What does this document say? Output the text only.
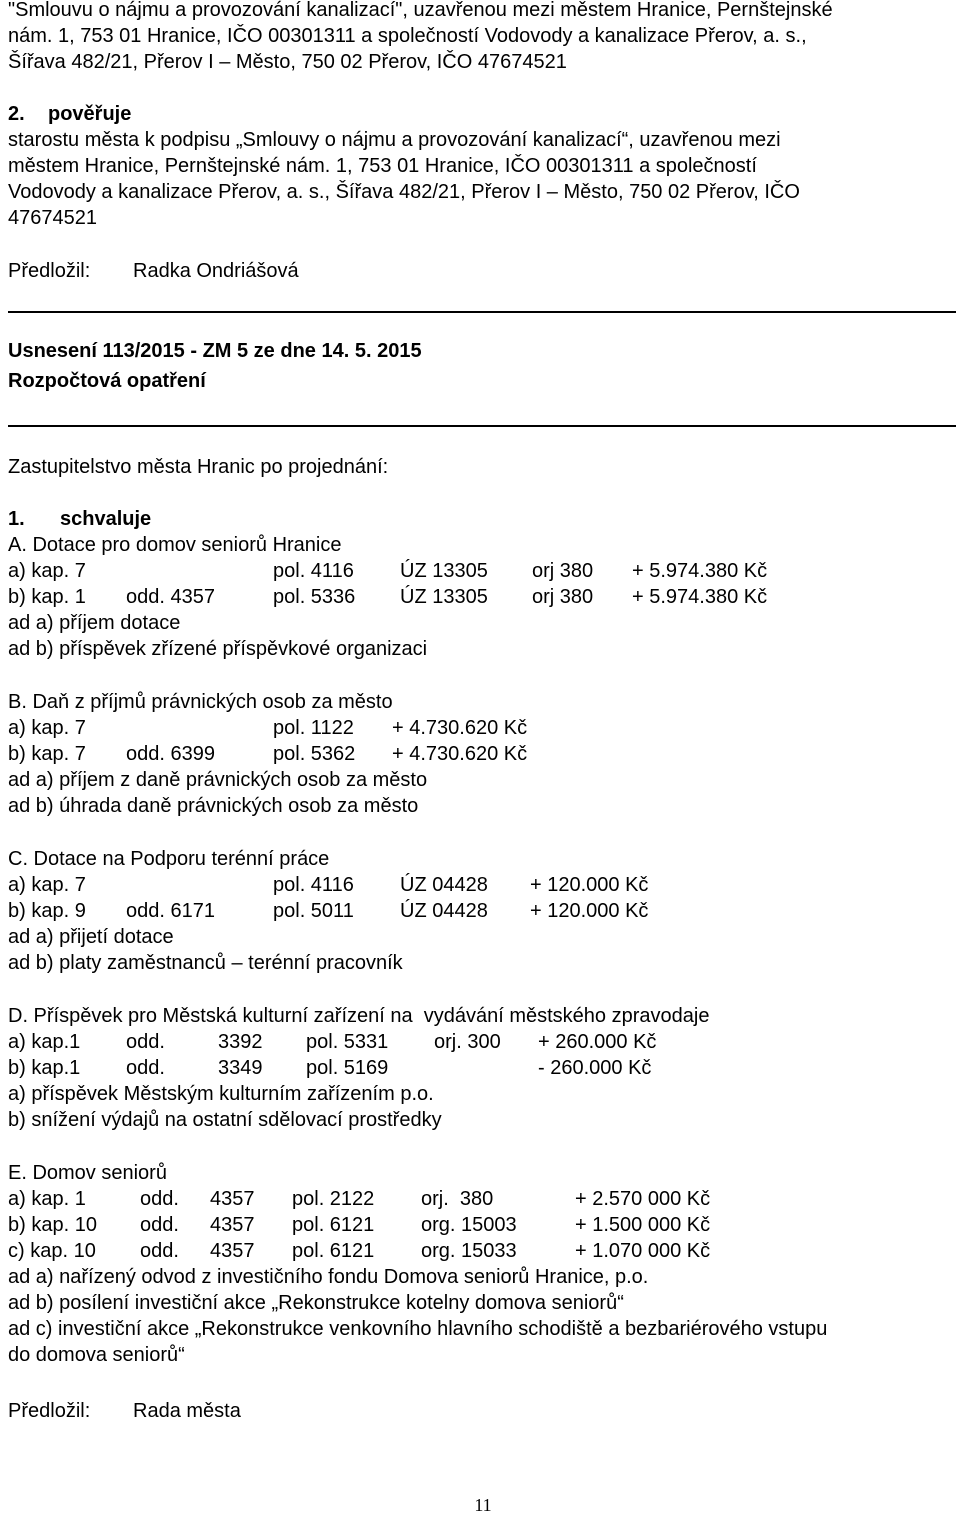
"Smlouvu o nájmu a provozování kanalizací", uzavřenou mezi městem Hranice, Pernštejnské
nám. 1, 753 01 Hranice, IČO 00301311 a společností Vodovody a kanalizace Přerov, a. s.,
Šířava 482/21, Přerov I – Město, 750 02 Přerov, IČO 47674521
2. pověřuje
starostu města k podpisu „Smlouvy o nájmu a provozování kanalizací“, uzavřenou mezi
městem Hranice, Pernštejnské nám. 1, 753 01 Hranice, IČO 00301311 a společností
Vodovody a kanalizace Přerov, a. s., Šířava 482/21, Přerov I – Město, 750 02 Přerov, IČO
47674521
Předložil: Radka Ondriášová
Usnesení 113/2015 - ZM 5 ze dne 14. 5. 2015
Rozpočtová opatření
Zastupitelstvo města Hranic po projednání:
1. schvaluje
A. Dotace pro domov seniorů Hranice
a) kap. 7	pol. 4116 ÚZ 13305 orj 380 + 5.974.380 Kč
b) kap. 1 odd. 4357	pol. 5336 ÚZ 13305 orj 380 + 5.974.380 Kč
ad a) příjem dotace
ad b) příspěvek zřízené příspěvkové organizaci
B. Daň z příjmů právnických osob za město
a) kap. 7	pol. 1122 + 4.730.620 Kč
b) kap. 7 odd. 6399	pol. 5362 + 4.730.620 Kč
ad a) příjem z daně právnických osob za město
ad b) úhrada daně právnických osob za město
C. Dotace na Podporu terénní práce
a) kap. 7	pol. 4116 ÚZ 04428 + 120.000 Kč
b) kap. 9 odd. 6171	pol. 5011 ÚZ 04428 + 120.000 Kč
ad a) přijetí dotace
ad b) platy zaměstnanců – terénní pracovník
D. Příspěvek pro Městská kulturní zařízení na  vydávání městského zpravodaje
a) kap.1 odd.	3392 pol. 5331 orj. 300 + 260.000 Kč
b) kap.1 odd.	3349 pol. 5169	- 260.000 Kč
a) příspěvek Městským kulturním zařízením p.o.
b) snížení výdajů na ostatní sdělovací prostředky
E. Domov seniorů
a) kap. 1	odd. 4357 pol. 2122 orj.  380	+ 2.570 000 Kč
b) kap. 10 odd. 4357 pol. 6121 org. 15003	+ 1.500 000 Kč
c) kap. 10 odd. 4357 pol. 6121 org. 15033	+ 1.070 000 Kč
ad a) nařízený odvod z investičního fondu Domova seniorů Hranice, p.o.
ad b) posílení investiční akce „Rekonstrukce kotelny domova seniorů“
ad c) investiční akce „Rekonstrukce venkovního hlavního schodiště a bezbariérového vstupu
do domova seniorů“
Předložil: Rada města
11
